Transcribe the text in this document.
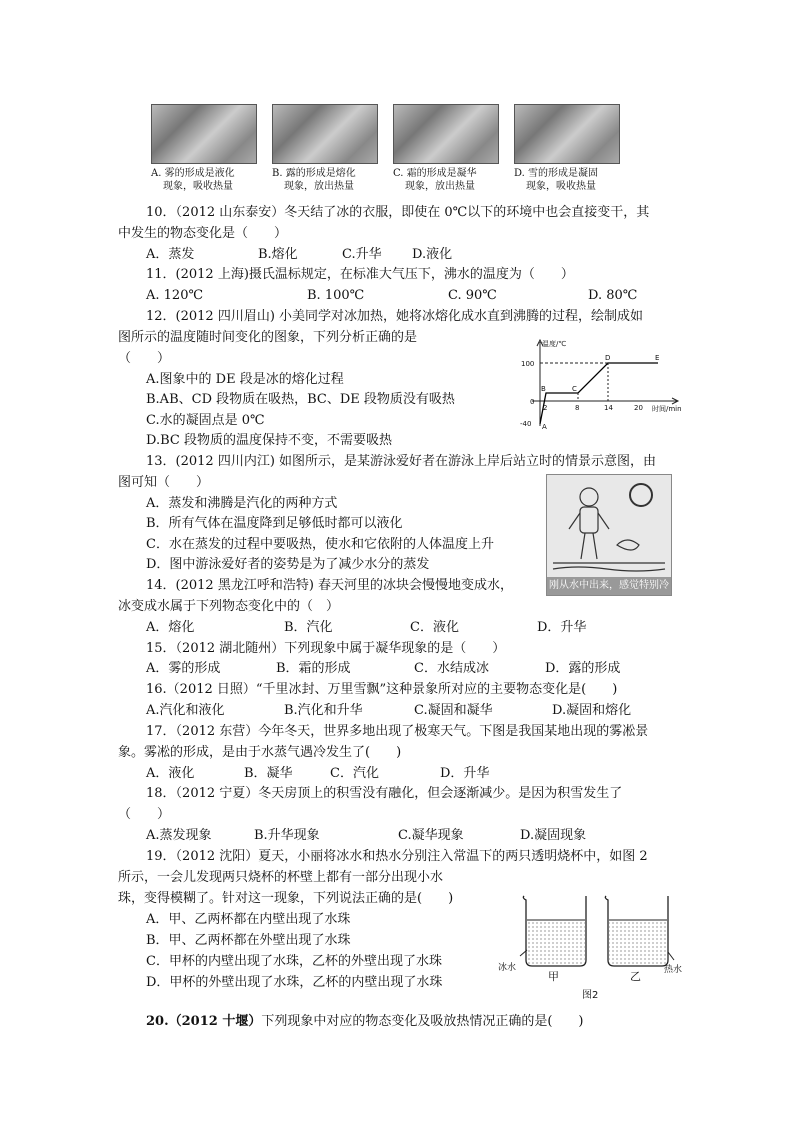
A. 雾的形成是液化
现象，吸收热量
B. 露的形成是熔化
现象，放出热量
C. 霜的形成是凝华
现象，放出热量
D. 雪的形成是凝固
现象，吸收热量
10．（2012 山东泰安）冬天结了冰的衣服，即使在 0℃以下的环境中也会直接变干，其
中发生的物态变化是（　　）
A．蒸发	B.熔化	C.升华 D.液化
11．(2012 上海)摄氏温标规定，在标准大气压下，沸水的温度为（　　）
A. 120℃	B. 100℃	C. 90℃	D. 80℃
12．(2012 四川眉山) 小美同学对冰加热，她将冰熔化成水直到沸腾的过程，绘制成如
图所示的温度随时间变化的图象，下列分析正确的是
（　　）
A.图象中的 DE 段是冰的熔化过程
B.AB、CD 段物质在吸热，BC、DE 段物质没有吸热
C.水的凝固点是 0℃
D.BC 段物质的温度保持不变，不需要吸热
温度/℃
时间/min
100
0
-40
2	8	14	20
A
B	C
D	E
13．(2012 四川内江) 如图所示，是某游泳爱好者在游泳上岸后站立时的情景示意图，由
图可知（　　）
A．蒸发和沸腾是汽化的两种方式
B．所有气体在温度降到足够低时都可以液化
C．水在蒸发的过程中要吸热，使水和它依附的人体温度上升
D．图中游泳爱好者的姿势是为了减少水分的蒸发
刚从水中出来，感觉特别冷
14．(2012 黑龙江呼和浩特) 春天河里的冰块会慢慢地变成水，
冰变成水属于下列物态变化中的（　）
A．熔化	B．汽化	C．液化	D．升华
15．（2012 湖北随州）下列现象中属于凝华现象的是（　　）
A．雾的形成	B．霜的形成	C．水结成冰	D．露的形成
16.（2012 日照）“千里冰封、万里雪飘”这种景象所对应的主要物态变化是(　　)
A.汽化和液化	B.汽化和升华	C.凝固和凝华	D.凝固和熔化
17．（2012 东营）今年冬天，世界多地出现了极寒天气。下图是我国某地出现的雾凇景
象。雾凇的形成，是由于水蒸气遇冷发生了(　　)
A．液化	B．凝华	C．汽化	D．升华
18．（2012 宁夏）冬天房顶上的积雪没有融化，但会逐渐减少。是因为积雪发生了
（　　）
A.蒸发现象	B.升华现象	C.凝华现象	D.凝固现象
19．（2012 沈阳）夏天，小丽将冰水和热水分别注入常温下的两只透明烧杯中，如图 2
所示，一会儿发现两只烧杯的杯壁上都有一部分出现小水
珠，变得模糊了。针对这一现象，下列说法正确的是(　　)
A．甲、乙两杯都在内壁出现了水珠
B．甲、乙两杯都在外壁出现了水珠
C．甲杯的内壁出现了水珠，乙杯的外壁出现了水珠
D．甲杯的外壁出现了水珠，乙杯的内壁出现了水珠
冰水
甲	乙	热水
图2
20.（2012 十堰）下列现象中对应的物态变化及吸放热情况正确的是(　　)
